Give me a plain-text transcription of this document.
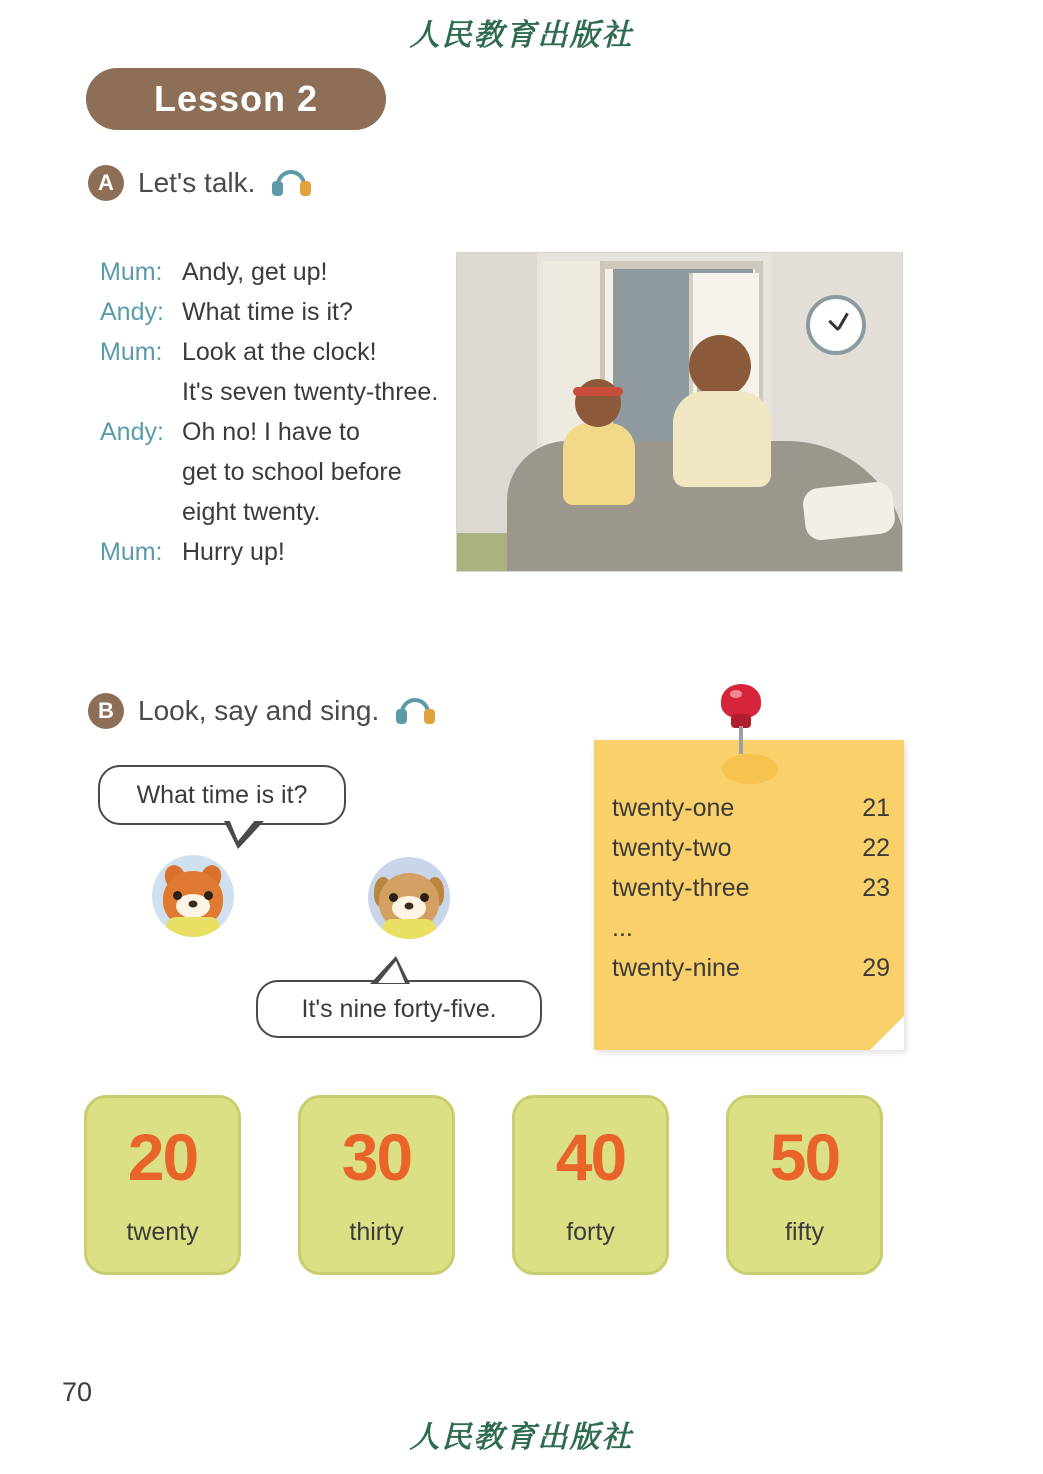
人民教育出版社
Lesson 2
A Let's talk.
Mum: Andy, get up!
Andy: What time is it?
Mum: Look at the clock!
It's seven twenty-three.
Andy: Oh no! I have to
get to school before
eight twenty.
Mum: Hurry up!
B Look, say and sing.
What time is it?
It's nine forty-five.
twenty-one	21
twenty-two	22
twenty-three	23
...
twenty-nine	29
20
twenty
30
thirty
40
forty
50
fifty
70
人民教育出版社
